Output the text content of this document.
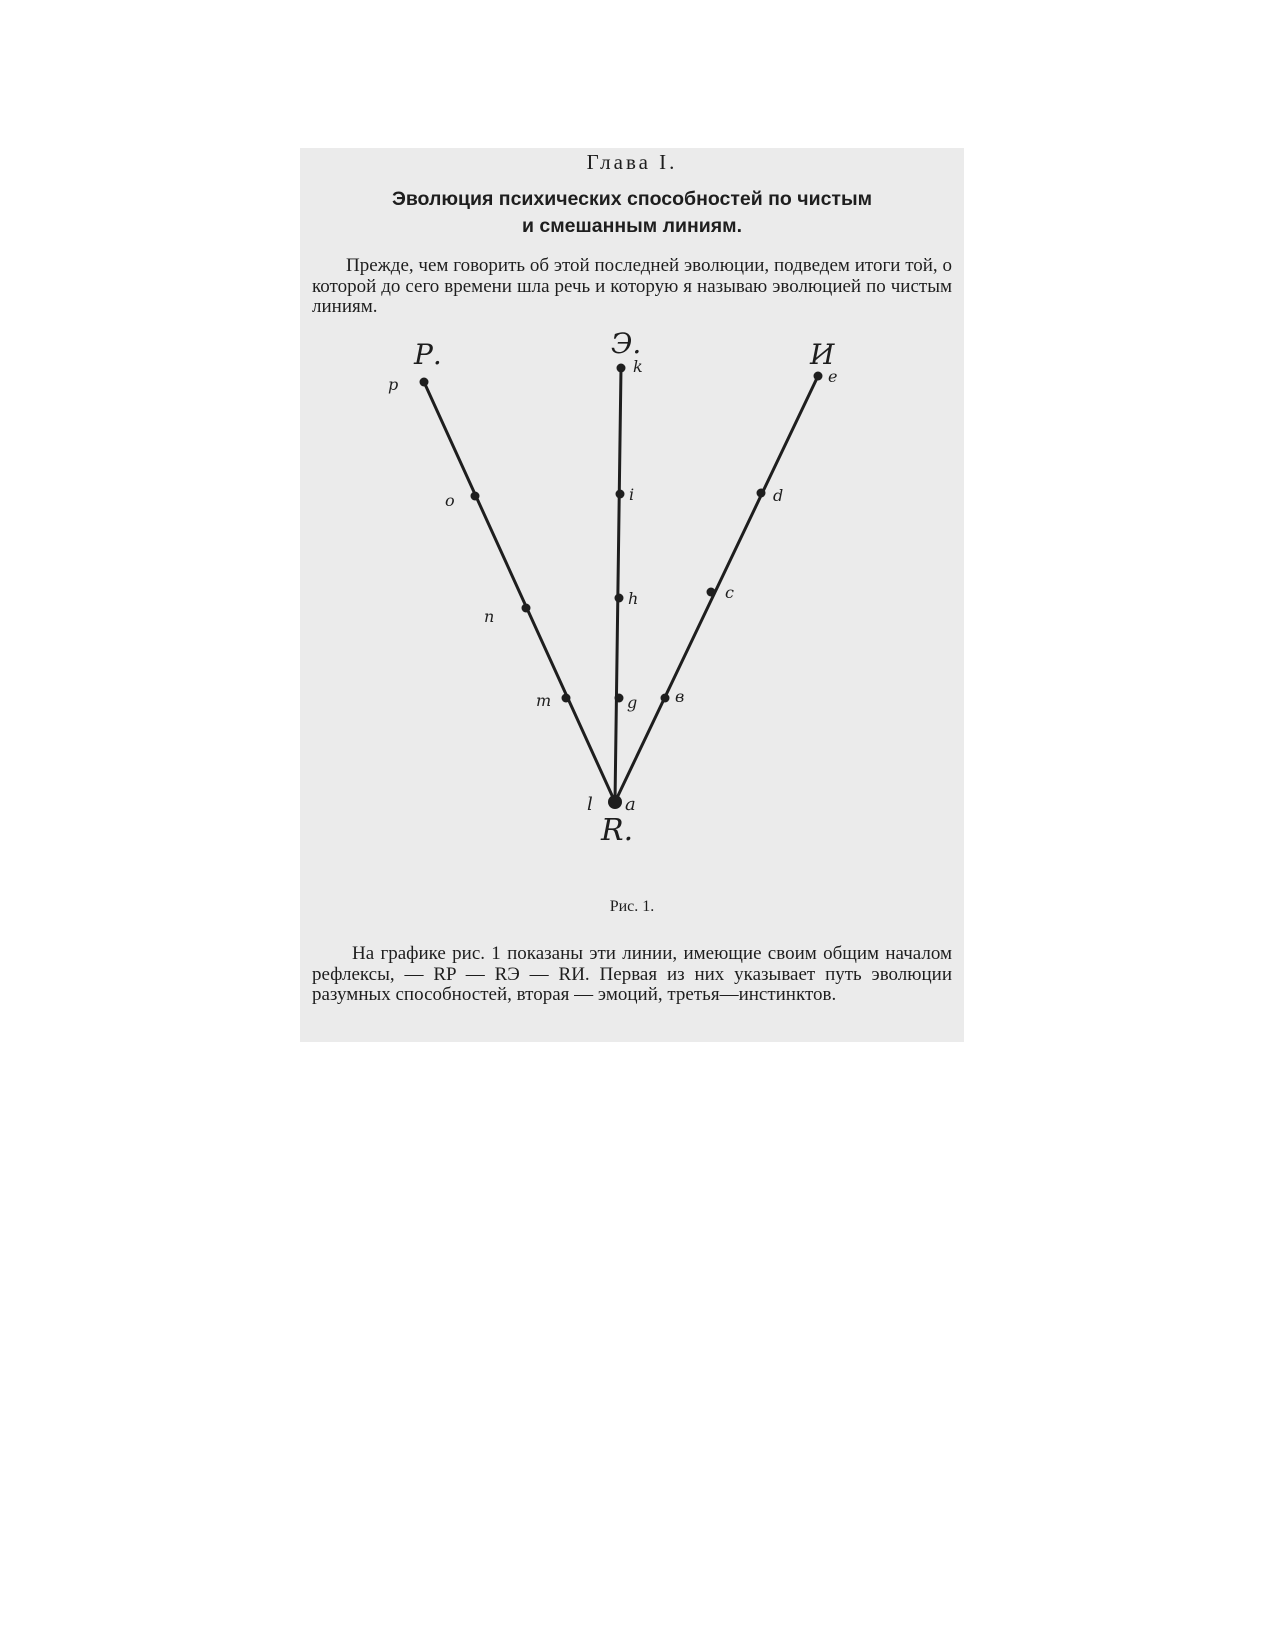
Глава I.
Эволюция психических способностей по чистым
и смешанным линиям.
Прежде, чем говорить об этой последней эволюции, подведем итоги той, о которой до сего времени шла речь и которую я называю эволюцией по чистым линиям.
m
n
o
p
Р.
g
h
i
k
Э.
в
c
d
e
И
l a
R.
Рис. 1.
На графике рис. 1 показаны эти линии, имеющие своим общим началом рефлексы, — RP — RЭ — RИ. Первая из них указывает путь эволюции разумных способностей, вторая — эмоций, третья—инстинктов.
